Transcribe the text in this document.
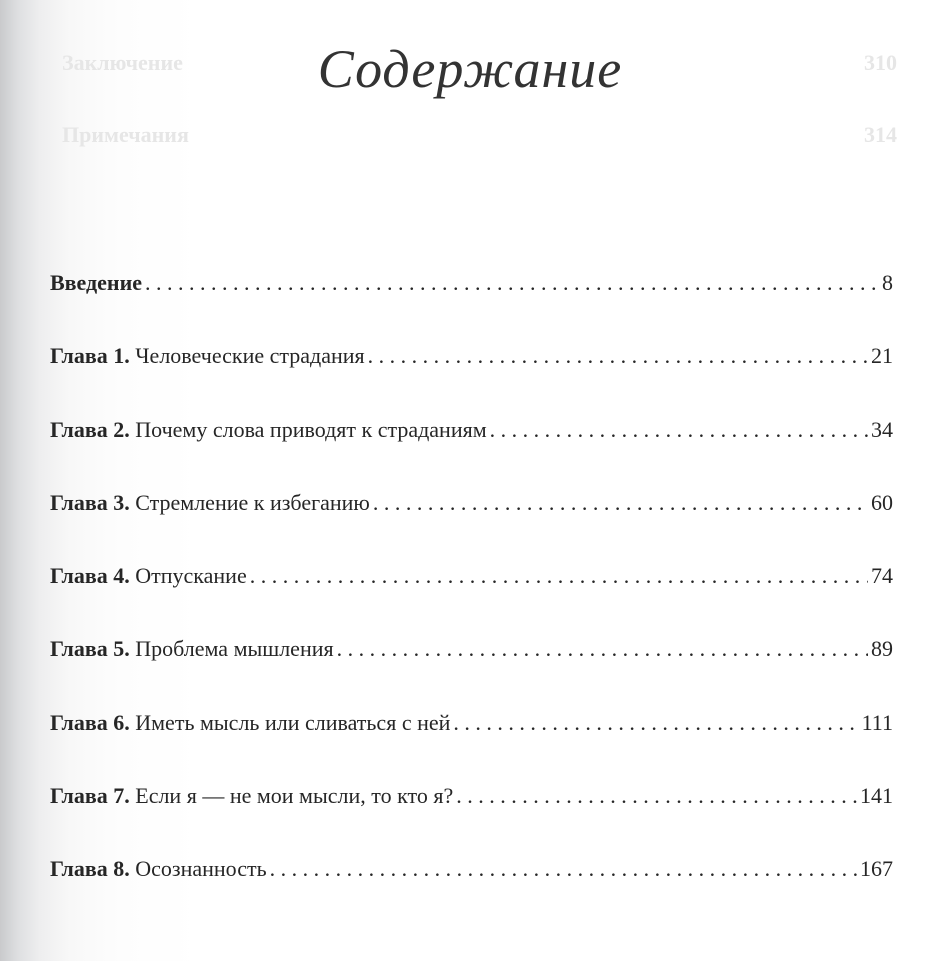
Заключение	310
Примечания	314
Содержание
Введение . . .	8
Глава 1. Человеческие страдания . . .	21
Глава 2. Почему слова приводят к страданиям . . .	34
Глава 3. Стремление к избеганию . . .	60
Глава 4. Отпускание . . .	74
Глава 5. Проблема мышления . . .	89
Глава 6. Иметь мысль или сливаться с ней . . .	111
Глава 7. Если я — не мои мысли, то кто я? . . .	141
Глава 8. Осознанность . . .	167
